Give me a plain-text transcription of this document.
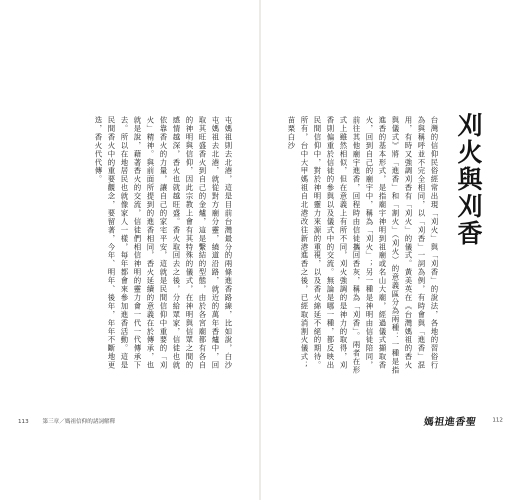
屯媽祖則去北港，這是目前台灣最分的兩條進香路線，比如說，白沙屯媽祖去北港，就從對方廟分靈，繞道沿路，就近的萬年香爐中，回取其旺盛香火到自己的金爐，這是繫結的型態，由於各宮廟都有各自的神明與信仰，因此宗教上會有其特殊的儀式，在神明與信眾之間的感情越深，香火也就越旺盛。香火取回去之後，分給眾家，信徒也就依靠香火的力量，讓自己的家宅平安，這就是民間信仰中重要的「刈火」精神。與前面所提到的進香相同，香火延續的意義在於傳承，也就是說，藉著香火的交流，信徒們相信神明的靈力會一代一代傳承下去。所以在地居民也就像家人一樣，每年都會來參加進香活動。這是民間香火中的重要觀念，要留著，今年、明年、後年，年年不斷地更迭，香火代代傳。

113 第三章／媽祖信仰的諸詞解釋
刈火與刈香

台灣的信仰民俗經常出現「刈火」與「刈香」的說法，各地的習俗行為與稱呼並不完全相同，以「刈香」一詞為例，有時會與「進香」混用，有時又強調刈香有「刈火」的儀式。黃美英在《台灣媽祖的香火與儀式》將「進香」和「割火」（刈火）的意義區分為兩種：一種是指進香的基本形式，是指廟宇神明到祖廟或名山大廟，經過儀式擷取香火，回到自己的廟宇中，稱為「刈火」；另一種是神明由信徒陪同，前往其他廟宇進香，回程時由信徒攜回香灰，稱為「刈香」。兩者在形式上雖然相似，但在意義上有所不同，刈火強調的是神力的取得，刈香則偏重於信徒的參與以及儀式中的交流。無論是哪一種，都反映出民間信仰中，對於神明靈力來源的重視，以及香火綿延不絕的期待。所有，台中大甲媽祖自北港改往新港進香之後，已經取消割火儀式；苗栗白沙

媽祖進香聖	112
